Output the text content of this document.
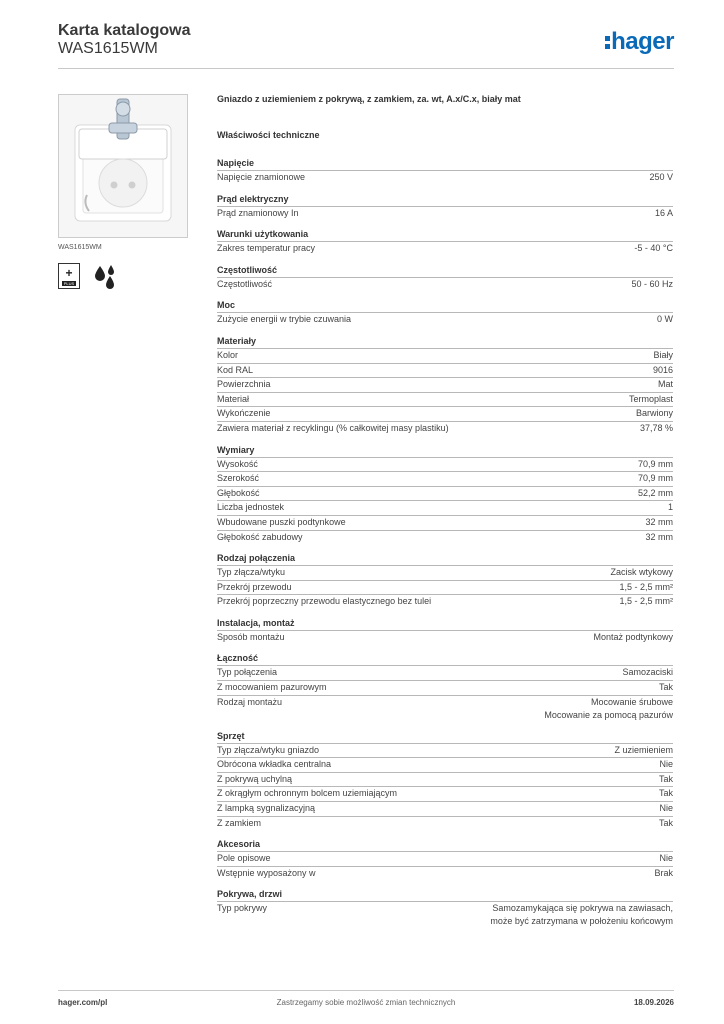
Karta katalogowa
WAS1615WM	hager
WAS1615WM
+
PLUS
Gniazdo z uziemieniem z pokrywą, z zamkiem, za. wt, A.x/C.x, biały mat
Właściwości techniczne
Napięcie
Napięcie znamionowe	250 V
Prąd elektryczny
Prąd znamionowy In	16 A
Warunki użytkowania
Zakres temperatur pracy	-5 - 40 °C
Częstotliwość
Częstotliwość	50 - 60 Hz
Moc
Zużycie energii w trybie czuwania	0 W
Materiały
Kolor	Biały
Kod RAL	9016
Powierzchnia	Mat
Materiał	Termoplast
Wykończenie	Barwiony
Zawiera materiał z recyklingu (% całkowitej masy plastiku)	37,78 %
Wymiary
Wysokość	70,9 mm
Szerokość	70,9 mm
Głębokość	52,2 mm
Liczba jednostek	1
Wbudowane puszki podtynkowe	32 mm
Głębokość zabudowy	32 mm
Rodzaj połączenia
Typ złącza/wtyku	Zacisk wtykowy
Przekrój przewodu	1,5 - 2,5 mm²
Przekrój poprzeczny przewodu elastycznego bez tulei	1,5 - 2,5 mm²
Instalacja, montaż
Sposób montażu	Montaż podtynkowy
Łączność
Typ połączenia	Samozaciski
Z mocowaniem pazurowym	Tak
Rodzaj montażu	Mocowanie śrubowe
Mocowanie za pomocą pazurów
Sprzęt
Typ złącza/wtyku gniazdo	Z uziemieniem
Obrócona wkładka centralna	Nie
Z pokrywą uchylną	Tak
Z okrągłym ochronnym bolcem uziemiającym	Tak
Z lampką sygnalizacyjną	Nie
Z zamkiem	Tak
Akcesoria
Pole opisowe	Nie
Wstępnie wyposażony w	Brak
Pokrywa, drzwi
Typ pokrywy	Samozamykająca się pokrywa na zawiasach,
może być zatrzymana w położeniu końcowym
hager.com/pl	Zastrzegamy sobie możliwość zmian technicznych	18.09.2026
